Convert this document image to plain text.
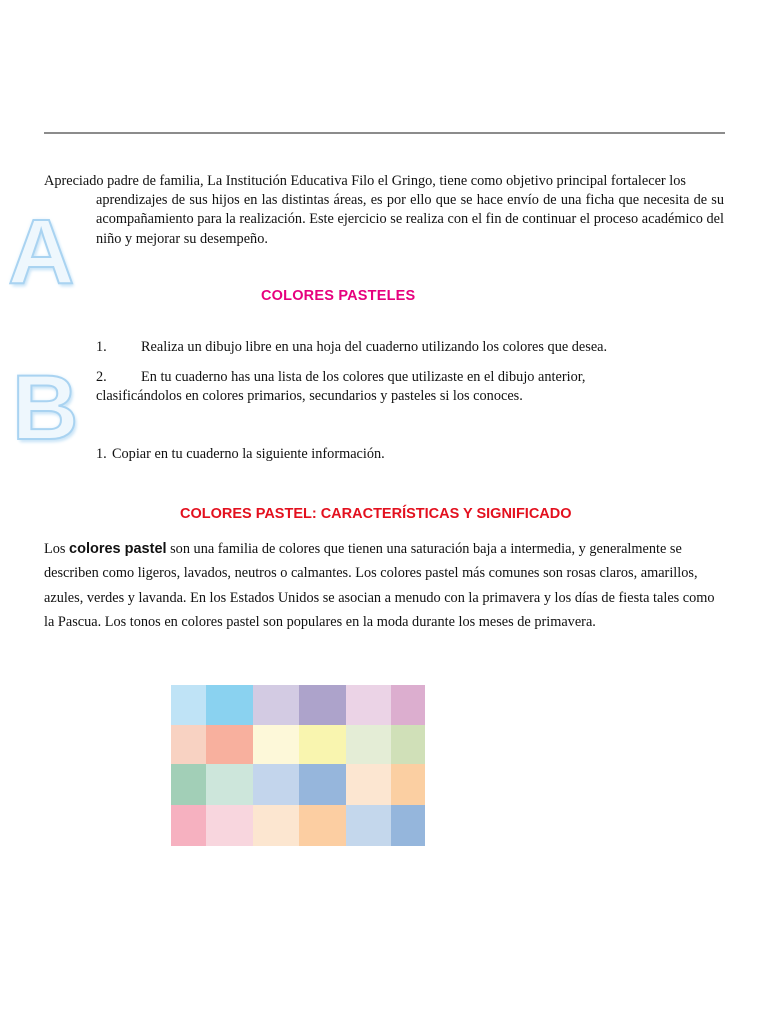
A
B

Apreciado padre de familia, La Institución Educativa Filo el Gringo, tiene como objetivo principal fortalecer los
aprendizajes de sus hijos en las distintas áreas, es por ello que se hace envío de una ficha que necesita de su acompañamiento para la realización. Este ejercicio se realiza con el fin de continuar el proceso académico del niño y mejorar su desempeño.

COLORES PASTELES

1. Realiza un dibujo libre en una hoja del cuaderno utilizando los colores que desea.

2. En tu cuaderno has una lista de los colores que utilizaste en el dibujo anterior,
clasificándolos en colores primarios, secundarios y pasteles si los conoces.

1. Copiar en tu cuaderno la siguiente información.

COLORES PASTEL: CARACTERÍSTICAS Y SIGNIFICADO

Los colores pastel son una familia de colores que tienen una saturación baja a intermedia, y generalmente se describen como ligeros, lavados, neutros o calmantes. Los colores pastel más comunes son rosas claros, amarillos, azules, verdes y lavanda. En los Estados Unidos se asocian a menudo con la primavera y los días de fiesta tales como la Pascua. Los tonos en colores pastel son populares en la moda durante los meses de primavera.
